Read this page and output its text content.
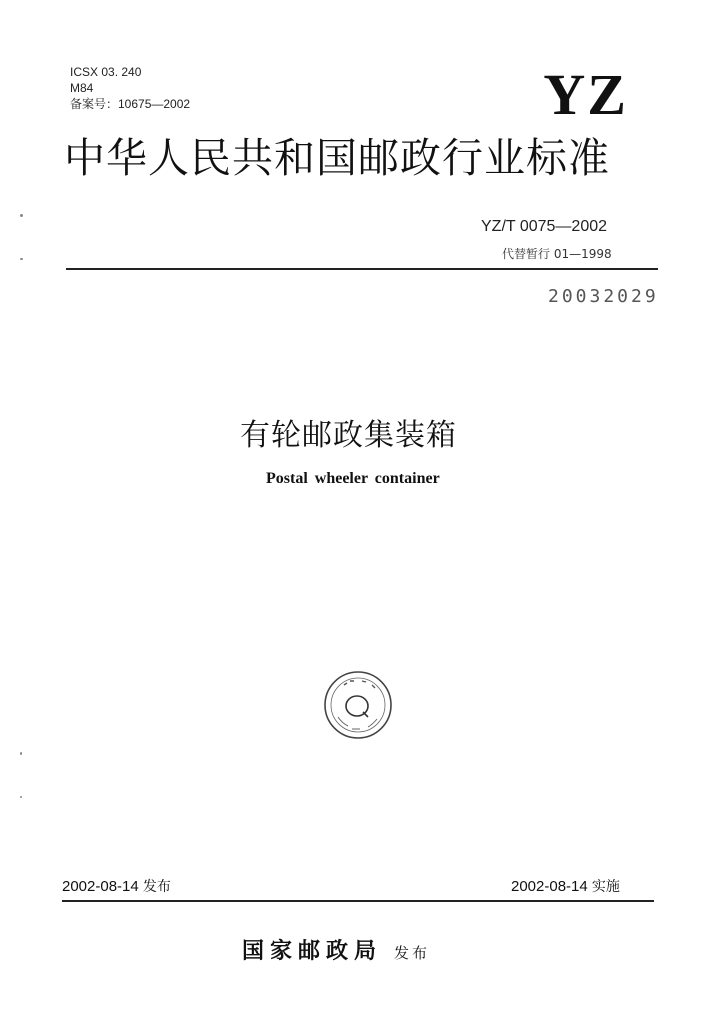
ICSX 03. 240
M84
备案号：10675—2002	YZ
中华人民共和国邮政行业标准
YZ/T 0075—2002
代替暂行 01—1998
20032029
有轮邮政集装箱
Postal wheeler container
2002-08-14 发布	2002-08-14 实施
国家邮政局 发布
